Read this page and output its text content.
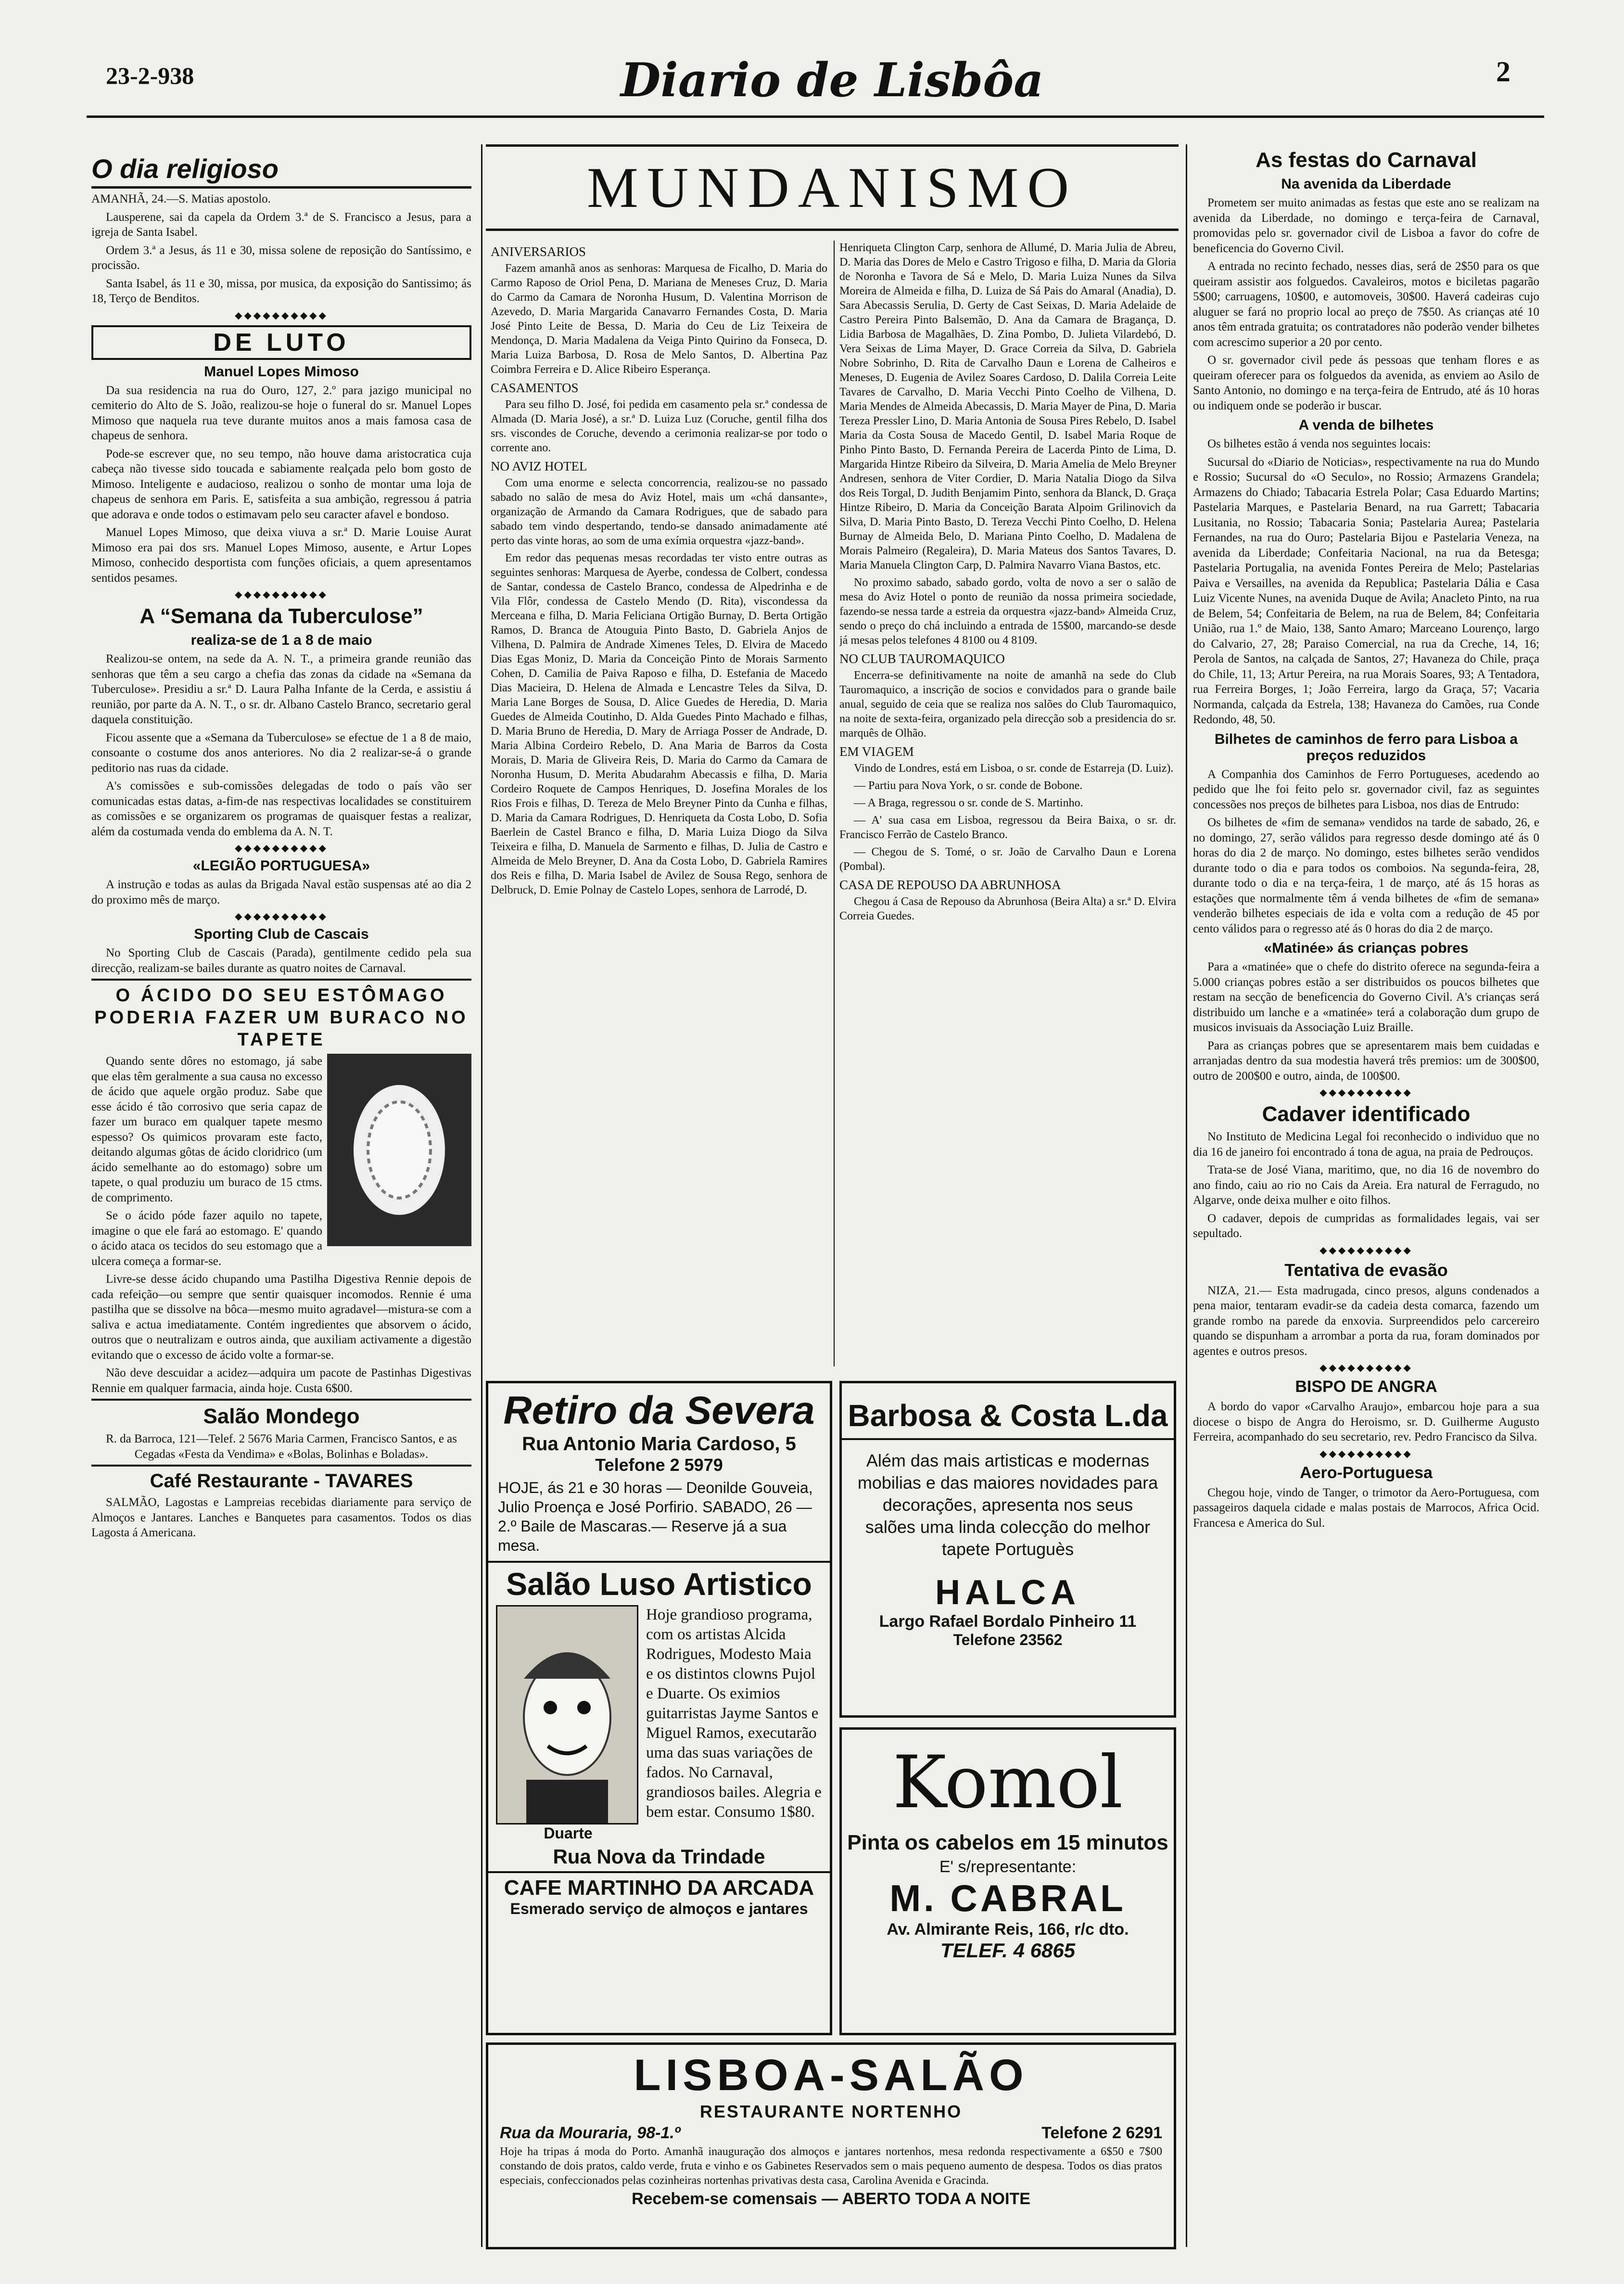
23-2-938	Diario de Lisbôa	2
O dia religioso

AMANHÃ, 24.—S. Matias apostolo.

Lausperene, sai da capela da Ordem 3.ª de S. Francisco a Jesus, para a igreja de Santa Isabel.

Ordem 3.ª a Jesus, ás 11 e 30, missa solene de reposição do Santíssimo, e procissão.

Santa Isabel, ás 11 e 30, missa, por musica, da exposição do Santissimo; ás 18, Terço de Benditos.

◆◆◆◆◆◆◆◆◆◆
DE LUTO
Manuel Lopes Mimoso

Da sua residencia na rua do Ouro, 127, 2.º para jazigo municipal no cemiterio do Alto de S. João, realizou-se hoje o funeral do sr. Manuel Lopes Mimoso que naquela rua teve durante muitos anos a mais famosa casa de chapeus de senhora.

Pode-se escrever que, no seu tempo, não houve dama aristocratica cuja cabeça não tivesse sido toucada e sabiamente realçada pelo bom gosto de Mimoso. Inteligente e audacioso, realizou o sonho de montar uma loja de chapeus de senhora em Paris. E, satisfeita a sua ambição, regressou á patria que adorava e onde todos o estimavam pelo seu caracter afavel e bondoso.

Manuel Lopes Mimoso, que deixa viuva a sr.ª D. Marie Louise Aurat Mimoso era pai dos srs. Manuel Lopes Mimoso, ausente, e Artur Lopes Mimoso, conhecido desportista com funções oficiais, a quem apresentamos sentidos pesames.

◆◆◆◆◆◆◆◆◆◆
A “Semana da Tuberculose”
realiza-se de 1 a 8 de maio

Realizou-se ontem, na sede da A. N. T., a primeira grande reunião das senhoras que têm a seu cargo a chefia das zonas da cidade na «Semana da Tuberculose». Presidiu a sr.ª D. Laura Palha Infante de la Cerda, e assistiu á reunião, por parte da A. N. T., o sr. dr. Albano Castelo Branco, secretario geral daquela constituição.

Ficou assente que a «Semana da Tuberculose» se efectue de 1 a 8 de maio, consoante o costume dos anos anteriores. No dia 2 realizar-se-á o grande peditorio nas ruas da cidade.

A's comissões e sub-comissões delegadas de todo o país vão ser comunicadas estas datas, a-fim-de nas respectivas localidades se constituirem as comissões e se organizarem os programas de quaisquer festas a realizar, além da costumada venda do emblema da A. N. T.

◆◆◆◆◆◆◆◆◆◆
«LEGIÃO PORTUGUESA»

A instrução e todas as aulas da Brigada Naval estão suspensas até ao dia 2 do proximo mês de março.

◆◆◆◆◆◆◆◆◆◆
Sporting Club de Cascais

No Sporting Club de Cascais (Parada), gentilmente cedido pela sua direcção, realizam-se bailes durante as quatro noites de Carnaval.

O ÁCIDO DO SEU ESTÔMAGO PODERIA FAZER UM BURACO NO TAPETE

Quando sente dôres no estomago, já sabe que elas têm geralmente a sua causa no excesso de ácido que aquele orgão produz. Sabe que esse ácido é tão corrosivo que seria capaz de fazer um buraco em qualquer tapete mesmo espesso? Os quimicos provaram este facto, deitando algumas gôtas de ácido cloridrico (um ácido semelhante ao do estomago) sobre um tapete, o qual produziu um buraco de 15 ctms. de comprimento.

Se o ácido póde fazer aquilo no tapete, imagine o que ele fará ao estomago. E' quando o ácido ataca os tecidos do seu estomago que a ulcera começa a formar-se.

Livre-se desse ácido chupando uma Pastilha Digestiva Rennie depois de cada refeição—ou sempre que sentir quaisquer incomodos. Rennie é uma pastilha que se dissolve na bôca—mesmo muito agradavel—mistura-se com a saliva e actua imediatamente. Contém ingredientes que absorvem o ácido, outros que o neutralizam e outros ainda, que auxiliam activamente a digestão evitando que o excesso de ácido volte a formar-se.

Não deve descuidar a acidez—adquira um pacote de Pastinhas Digestivas Rennie em qualquer farmacia, ainda hoje. Custa 6$00.

Salão Mondego

R. da Barroca, 121—Telef. 2 5676 Maria Carmen, Francisco Santos, e as Cegadas «Festa da Vendima» e «Bolas, Bolinhas e Boladas».

Café Restaurante - TAVARES

SALMÃO, Lagostas e Lampreias recebidas diariamente para serviço de Almoços e Jantares. Lanches e Banquetes para casamentos. Todos os dias Lagosta á Americana.

MUNDANISMO
ANIVERSARIOS

Fazem amanhã anos as senhoras: Marquesa de Ficalho, D. Maria do Carmo Raposo de Oriol Pena, D. Mariana de Meneses Cruz, D. Maria do Carmo da Camara de Noronha Husum, D. Valentina Morrison de Azevedo, D. Maria Margarida Canavarro Fernandes Costa, D. Maria José Pinto Leite de Bessa, D. Maria do Ceu de Liz Teixeira de Mendonça, D. Maria Madalena da Veiga Pinto Quirino da Fonseca, D. Maria Luiza Barbosa, D. Rosa de Melo Santos, D. Albertina Paz Coimbra Ferreira e D. Alice Ribeiro Esperança.

CASAMENTOS

Para seu filho D. José, foi pedida em casamento pela sr.ª condessa de Almada (D. Maria José), a sr.ª D. Luiza Luz (Coruche, gentil filha dos srs. viscondes de Coruche, devendo a cerimonia realizar-se por todo o corrente ano.

NO AVIZ HOTEL

Com uma enorme e selecta concorrencia, realizou-se no passado sabado no salão de mesa do Aviz Hotel, mais um «chá dansante», organização de Armando da Camara Rodrigues, que de sabado para sabado tem vindo despertando, tendo-se dansado animadamente até perto das vinte horas, ao som de uma exímia orquestra «jazz-band».

Em redor das pequenas mesas recordadas ter visto entre outras as seguintes senhoras: Marquesa de Ayerbe, condessa de Colbert, condessa de Santar, condessa de Castelo Branco, condessa de Alpedrinha e de Vila Flôr, condessa de Castelo Mendo (D. Rita), viscondessa da Merceana e filha, D. Maria Feliciana Ortigão Burnay, D. Berta Ortigão Ramos, D. Branca de Atouguia Pinto Basto, D. Gabriela Anjos de Vilhena, D. Palmira de Andrade Ximenes Teles, D. Elvira de Macedo Dias Egas Moniz, D. Maria da Conceição Pinto de Morais Sarmento Cohen, D. Camilia de Paiva Raposo e filha, D. Estefania de Macedo Dias Macieira, D. Helena de Almada e Lencastre Teles da Silva, D. Maria Lane Borges de Sousa, D. Alice Guedes de Heredia, D. Maria Guedes de Almeida Coutinho, D. Alda Guedes Pinto Machado e filhas, D. Maria Bruno de Heredia, D. Mary de Arriaga Posser de Andrade, D. Maria Albina Cordeiro Rebelo, D. Ana Maria de Barros da Costa Morais, D. Maria de Gliveira Reis, D. Maria do Carmo da Camara de Noronha Husum, D. Merita Abudarahm Abecassis e filha, D. Maria Cordeiro Roquete de Campos Henriques, D. Josefina Morales de los Rios Frois e filhas, D. Tereza de Melo Breyner Pinto da Cunha e filhas, D. Maria da Camara Rodrigues, D. Henriqueta da Costa Lobo, D. Sofia Baerlein de Castel Branco e filha, D. Maria Luiza Diogo da Silva Teixeira e filha, D. Manuela de Sarmento e filhas, D. Julia de Castro e Almeida de Melo Breyner, D. Ana da Costa Lobo, D. Gabriela Ramires dos Reis e filha, D. Maria Isabel de Avilez de Sousa Rego, senhora de Delbruck, D. Emie Polnay de Castelo Lopes, senhora de Larrodé, D.

Henriqueta Clington Carp, senhora de Allumé, D. Maria Julia de Abreu, D. Maria das Dores de Melo e Castro Trigoso e filha, D. Maria da Gloria de Noronha e Tavora de Sá e Melo, D. Maria Luiza Nunes da Silva Moreira de Almeida e filha, D. Luiza de Sá Pais do Amaral (Anadia), D. Sara Abecassis Serulia, D. Gerty de Cast Seixas, D. Maria Adelaide de Castro Pereira Pinto Balsemão, D. Ana da Camara de Bragança, D. Lidia Barbosa de Magalhães, D. Zina Pombo, D. Julieta Vilardebó, D. Vera Seixas de Lima Mayer, D. Grace Correia da Silva, D. Gabriela Nobre Sobrinho, D. Rita de Carvalho Daun e Lorena de Calheiros e Meneses, D. Eugenia de Avilez Soares Cardoso, D. Dalila Correia Leite Tavares de Carvalho, D. Maria Vecchi Pinto Coelho de Vilhena, D. Maria Mendes de Almeida Abecassis, D. Maria Mayer de Pina, D. Maria Tereza Pressler Lino, D. Maria Antonia de Sousa Pires Rebelo, D. Isabel Maria da Costa Sousa de Macedo Gentil, D. Isabel Maria Roque de Pinho Pinto Basto, D. Fernanda Pereira de Lacerda Pinto de Lima, D. Margarida Hintze Ribeiro da Silveira, D. Maria Amelia de Melo Breyner Andresen, senhora de Viter Cordier, D. Maria Natalia Diogo da Silva dos Reis Torgal, D. Judith Benjamim Pinto, senhora da Blanck, D. Graça Hintze Ribeiro, D. Maria da Conceição Barata Alpoim Grilinovich da Silva, D. Maria Pinto Basto, D. Tereza Vecchi Pinto Coelho, D. Helena Burnay de Almeida Belo, D. Mariana Pinto Coelho, D. Madalena de Morais Palmeiro (Regaleira), D. Maria Mateus dos Santos Tavares, D. Maria Manuela Clington Carp, D. Palmira Navarro Viana Bastos, etc.

No proximo sabado, sabado gordo, volta de novo a ser o salão de mesa do Aviz Hotel o ponto de reunião da nossa primeira sociedade, fazendo-se nessa tarde a estreia da orquestra «jazz-band» Almeida Cruz, sendo o preço do chá incluindo a entrada de 15$00, marcando-se desde já mesas pelos telefones 4 8100 ou 4 8109.

NO CLUB TAUROMAQUICO

Encerra-se definitivamente na noite de amanhã na sede do Club Tauromaquico, a inscrição de socios e convidados para o grande baile anual, seguido de ceia que se realiza nos salões do Club Tauromaquico, na noite de sexta-feira, organizado pela direcção sob a presidencia do sr. marquês de Olhão.

EM VIAGEM

Vindo de Londres, está em Lisboa, o sr. conde de Estarreja (D. Luiz).

— Partiu para Nova York, o sr. conde de Bobone.

— A Braga, regressou o sr. conde de S. Martinho.

— A' sua casa em Lisboa, regressou da Beira Baixa, o sr. dr. Francisco Ferrão de Castelo Branco.

— Chegou de S. Tomé, o sr. João de Carvalho Daun e Lorena (Pombal).

CASA DE REPOUSO DA ABRUNHOSA

Chegou á Casa de Repouso da Abrunhosa (Beira Alta) a sr.ª D. Elvira Correia Guedes.

Retiro da Severa
Rua Antonio Maria Cardoso, 5
Telefone 2 5979
HOJE, ás 21 e 30 horas — Deonilde Gouveia, Julio Proença e José Porfirio. SABADO, 26 — 2.º Baile de Mascaras.— Reserve já a sua mesa.
Salão Luso Artistico
Duarte
Hoje grandioso programa, com os artistas Alcida Rodrigues, Modesto Maia e os distintos clowns Pujol e Duarte. Os eximios guitarristas Jayme Santos e Miguel Ramos, executarão uma das suas variações de fados. No Carnaval, grandiosos bailes. Alegria e bem estar. Consumo 1$80.
Rua Nova da Trindade
CAFE MARTINHO DA ARCADA
Esmerado serviço de almoços e jantares
Barbosa & Costa L.da
Além das mais artisticas e modernas mobilias e das maiores novidades para decorações, apresenta nos seus salões uma linda colecção do melhor tapete Portuguès
HALCA
Largo Rafael Bordalo Pinheiro 11
Telefone 23562
Komol
Pinta os cabelos em 15 minutos
E' s/representante:
M. CABRAL
Av. Almirante Reis, 166, r/c dto.
TELEF. 4 6865
LISBOA-SALÃO
RESTAURANTE NORTENHO
Rua da Mouraria, 98-1.º	Telefone 2 6291
Hoje ha tripas á moda do Porto. Amanhã inauguração dos almoços e jantares nortenhos, mesa redonda respectivamente a 6$50 e 7$00 constando de dois pratos, caldo verde, fruta e vinho e os Gabinetes Reservados sem o mais pequeno aumento de despesa. Todos os dias pratos especiais, confeccionados pelas cozinheiras nortenhas privativas desta casa, Carolina Avenida e Gracinda.
Recebem-se comensais — ABERTO TODA A NOITE
As festas do Carnaval
Na avenida da Liberdade

Prometem ser muito animadas as festas que este ano se realizam na avenida da Liberdade, no domingo e terça-feira de Carnaval, promovidas pelo sr. governador civil de Lisboa a favor do cofre de beneficencia do Governo Civil.

A entrada no recinto fechado, nesses dias, será de 2$50 para os que queiram assistir aos folguedos. Cavaleiros, motos e biciletas pagarão 5$00; carruagens, 10$00, e automoveis, 30$00. Haverá cadeiras cujo aluguer se fará no proprio local ao preço de 7$50. As crianças até 10 anos têm entrada gratuita; os contratadores não poderão vender bilhetes com acrescimo superior a 20 por cento.

O sr. governador civil pede ás pessoas que tenham flores e as queiram oferecer para os folguedos da avenida, as enviem ao Asilo de Santo Antonio, no domingo e na terça-feira de Entrudo, até ás 10 horas ou indiquem onde se poderão ir buscar.

A venda de bilhetes

Os bilhetes estão á venda nos seguintes locais:

Sucursal do «Diario de Noticias», respectivamente na rua do Mundo e Rossio; Sucursal do «O Seculo», no Rossio; Armazens Grandela; Armazens do Chiado; Tabacaria Estrela Polar; Casa Eduardo Martins; Pastelaria Marques, e Pastelaria Benard, na rua Garrett; Tabacaria Lusitania, no Rossio; Tabacaria Sonia; Pastelaria Aurea; Pastelaria Fernandes, na rua do Ouro; Pastelaria Bijou e Pastelaria Veneza, na avenida da Liberdade; Confeitaria Nacional, na rua da Betesga; Pastelaria Portugalia, na avenida Fontes Pereira de Melo; Pastelarias Paiva e Versailles, na avenida da Republica; Pastelaria Dália e Casa Luiz Vicente Nunes, na avenida Duque de Avila; Anacleto Pinto, na rua de Belem, 54; Confeitaria de Belem, na rua de Belem, 84; Confeitaria União, rua 1.º de Maio, 138, Santo Amaro; Marceano Lourenço, largo do Calvario, 27, 28; Paraiso Comercial, na rua da Creche, 14, 16; Perola de Santos, na calçada de Santos, 27; Havaneza do Chile, praça do Chile, 11, 13; Artur Pereira, na rua Morais Soares, 93; A Tentadora, rua Ferreira Borges, 1; João Ferreira, largo da Graça, 57; Vacaria Normanda, calçada da Estrela, 138; Havaneza do Camões, rua Conde Redondo, 48, 50.

Bilhetes de caminhos de ferro para Lisboa a preços reduzidos

A Companhia dos Caminhos de Ferro Portugueses, acedendo ao pedido que lhe foi feito pelo sr. governador civil, faz as seguintes concessões nos preços de bilhetes para Lisboa, nos dias de Entrudo:

Os bilhetes de «fim de semana» vendidos na tarde de sabado, 26, e no domingo, 27, serão válidos para regresso desde domingo até ás 0 horas do dia 2 de março. No domingo, estes bilhetes serão vendidos durante todo o dia e para todos os comboios. Na segunda-feira, 28, durante todo o dia e na terça-feira, 1 de março, até ás 15 horas as estações que normalmente têm á venda bilhetes de «fim de semana» venderão bilhetes especiais de ida e volta com a redução de 45 por cento válidos para o regresso até ás 0 horas do dia 2 de março.

«Matinée» ás crianças pobres

Para a «matinée» que o chefe do distrito oferece na segunda-feira a 5.000 crianças pobres estão a ser distribuidos os poucos bilhetes que restam na secção de beneficencia do Governo Civil. A's crianças será distribuido um lanche e a «matinée» terá a colaboração dum grupo de musicos invisuais da Associação Luiz Braille.

Para as crianças pobres que se apresentarem mais bem cuidadas e arranjadas dentro da sua modestia haverá três premios: um de 300$00, outro de 200$00 e outro, ainda, de 100$00.

◆◆◆◆◆◆◆◆◆◆
Cadaver identificado

No Instituto de Medicina Legal foi reconhecido o individuo que no dia 16 de janeiro foi encontrado á tona de agua, na praia de Pedrouços.

Trata-se de José Viana, maritimo, que, no dia 16 de novembro do ano findo, caiu ao rio no Cais da Areia. Era natural de Ferragudo, no Algarve, onde deixa mulher e oito filhos.

O cadaver, depois de cumpridas as formalidades legais, vai ser sepultado.

◆◆◆◆◆◆◆◆◆◆
Tentativa de evasão

NIZA, 21.— Esta madrugada, cinco presos, alguns condenados a pena maior, tentaram evadir-se da cadeia desta comarca, fazendo um grande rombo na parede da enxovia. Surpreendidos pelo carcereiro quando se dispunham a arrombar a porta da rua, foram dominados por agentes e outros presos.

◆◆◆◆◆◆◆◆◆◆
BISPO DE ANGRA

A bordo do vapor «Carvalho Araujo», embarcou hoje para a sua diocese o bispo de Angra do Heroismo, sr. D. Guilherme Augusto Ferreira, acompanhado do seu secretario, rev. Pedro Francisco da Silva.

◆◆◆◆◆◆◆◆◆◆
Aero-Portuguesa

Chegou hoje, vindo de Tanger, o trimotor da Aero-Portuguesa, com passageiros daquela cidade e malas postais de Marrocos, Africa Ocid. Francesa e America do Sul.
